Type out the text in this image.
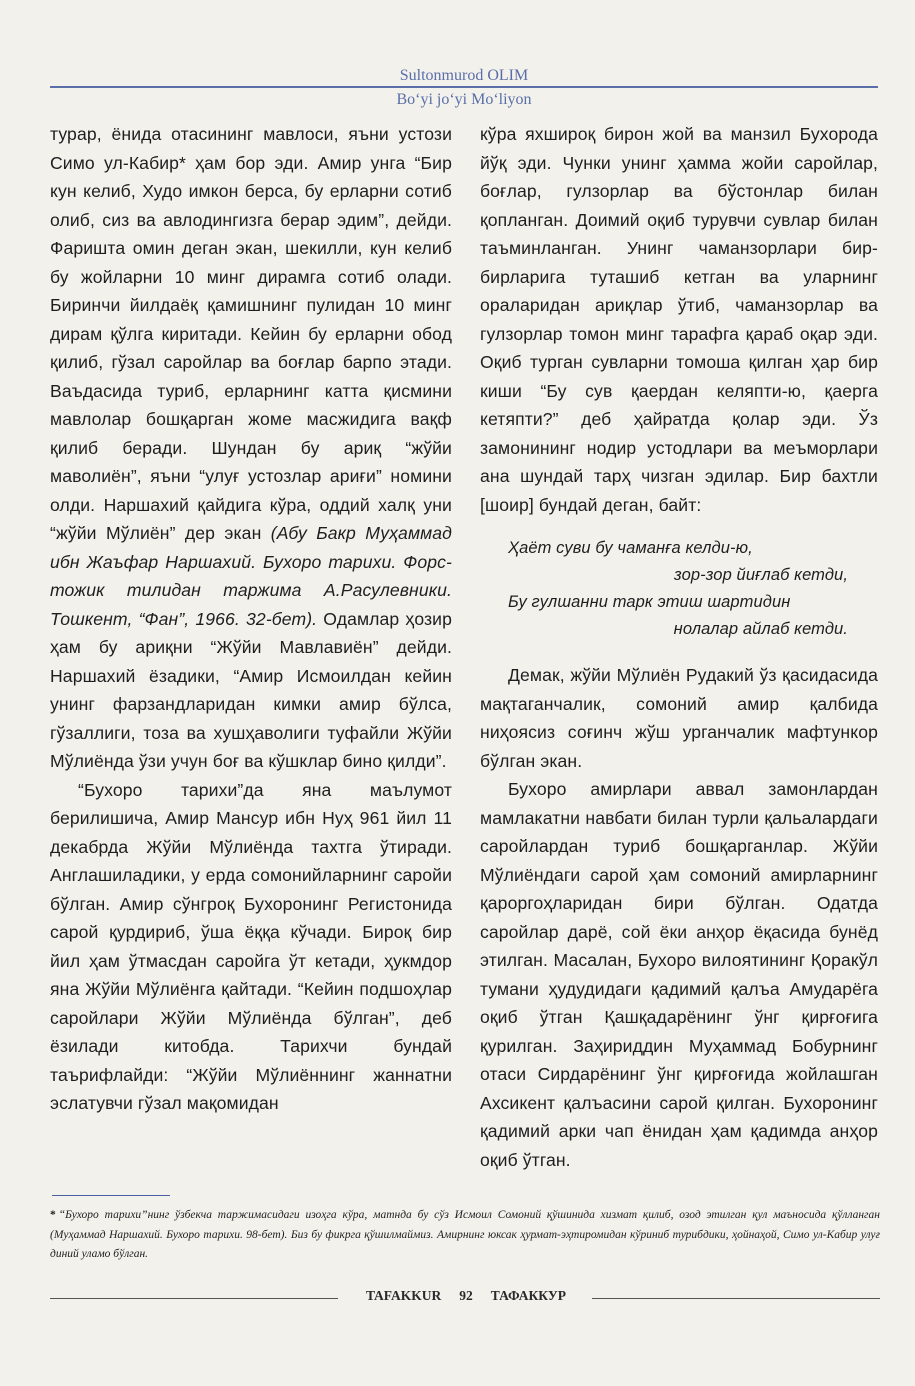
Sultonmurod OLIM
Bo‘yi jo‘yi Mo‘liyon

турар, ёнида отасининг мавлоси, яъни устози Симо ул-Кабир* ҳам бор эди. Амир унга “Бир кун келиб, Худо имкон берса, бу ерларни сотиб олиб, сиз ва авлодингизга берар эдим”, дейди. Фаришта омин деган экан, шекилли, кун келиб бу жойларни 10 минг дирамга сотиб олади. Биринчи йилдаёқ қамишнинг пулидан 10 минг дирам қўлга киритади. Кейин бу ерларни обод қилиб, гўзал саройлар ва боғлар барпо этади. Ваъдасида туриб, ерларнинг катта қисмини мавлолар бошқарган жоме масжидига вақф қилиб беради. Шундан бу ариқ “жўйи маволиён”, яъни “улуғ устозлар ариғи” номини олди. Наршахий қайдига кўра, оддий халқ уни “жўйи Мўлиён” дер экан (Абу Бакр Муҳаммад ибн Жаъфар Наршахий. Бухоро тарихи. Форс-тожик тилидан таржима А.Расулевники. Тошкент, “Фан”, 1966. 32-бет). Одамлар ҳозир ҳам бу ариқни “Жўйи Мавлавиён” дейди. Наршахий ёзадики, “Амир Исмоилдан кейин унинг фарзандларидан кимки амир бўлса, гўзаллиги, тоза ва хушҳаволиги туфайли Жўйи Мўлиёнда ўзи учун боғ ва кўшклар бино қилди”.

“Бухоро тарихи”да яна маълумот берилишича, Амир Мансур ибн Нуҳ 961 йил 11 декабрда Жўйи Мўлиёнда тахтга ўтиради. Англашиладики, у ерда сомонийларнинг саройи бўлган. Амир сўнгроқ Бухоронинг Регистонида сарой қурдириб, ўша ёққа кўчади. Бироқ бир йил ҳам ўтмасдан саройга ўт кетади, ҳукмдор яна Жўйи Мўлиёнга қайтади. “Кейин подшоҳлар саройлари Жўйи Мўлиёнда бўлган”, деб ёзилади китобда. Тарихчи бундай таърифлайди: “Жўйи Мўлиённинг жаннатни эслатувчи гўзал мақомидан

кўра яхшироқ бирон жой ва манзил Бухорода йўқ эди. Чунки унинг ҳамма жойи саройлар, боғлар, гулзорлар ва бўстонлар билан қопланган. Доимий оқиб турувчи сувлар билан таъминланган. Унинг чаманзорлари бир-бирларига туташиб кетган ва уларнинг ораларидан ариқлар ўтиб, чаманзорлар ва гулзорлар томон минг тарафга қараб оқар эди. Оқиб турган сувларни томоша қилган ҳар бир киши “Бу сув қаердан келяпти-ю, қаерга кетяпти?” деб ҳайратда қолар эди. Ўз замонининг нодир устодлари ва меъморлари ана шундай тарҳ чизган эдилар. Бир бахтли [шоир] бундай деган, байт:

Ҳаёт суви бу чаманға келди-ю,
зор-зор йиғлаб кетди,
Бу гулшанни тарк этиш шартидин
нолалар айлаб кетди.

Демак, жўйи Мўлиён Рудакий ўз қасидасида мақтаганчалик, сомоний амир қалбида ниҳоясиз соғинч жўш урганчалик мафтункор бўлган экан.

Бухоро амирлари аввал замонлардан мамлакатни навбати билан турли қальалардаги саройлардан туриб бошқарганлар. Жўйи Мўлиёндаги сарой ҳам сомоний амирларнинг қароргоҳларидан бири бўлган. Одатда саройлар дарё, сой ёки анҳор ёқасида бунёд этилган. Масалан, Бухоро вилоятининг Қоракўл тумани ҳудудидаги қадимий қалъа Амударёга оқиб ўтган Қашқадарёнинг ўнг қирғоғига қурилган. Заҳириддин Муҳаммад Бобурнинг отаси Сирдарёнинг ўнг қирғоғида жойлашган Ахсикент қалъасини сарой қилган. Бухоронинг қадимий арки чап ёнидан ҳам қадимда анҳор оқиб ўтган.

* “Бухоро тарихи”нинг ўзбекча таржимасидаги изоҳга кўра, матнда бу сўз Исмоил Сомоний қўшинида хизмат қилиб, озод этилган қул маъносида қўлланган (Муҳаммад Наршахий. Бухоро тарихи. 98-бет). Биз бу фикрга қўшилмаймиз. Амирнинг юксак ҳурмат-эҳтиромидан кўриниб турибдики, ҳойнаҳой, Симо ул-Кабир улуғ диний уламо бўлган.
TAFAKKUR 92 ТАФАККУР
